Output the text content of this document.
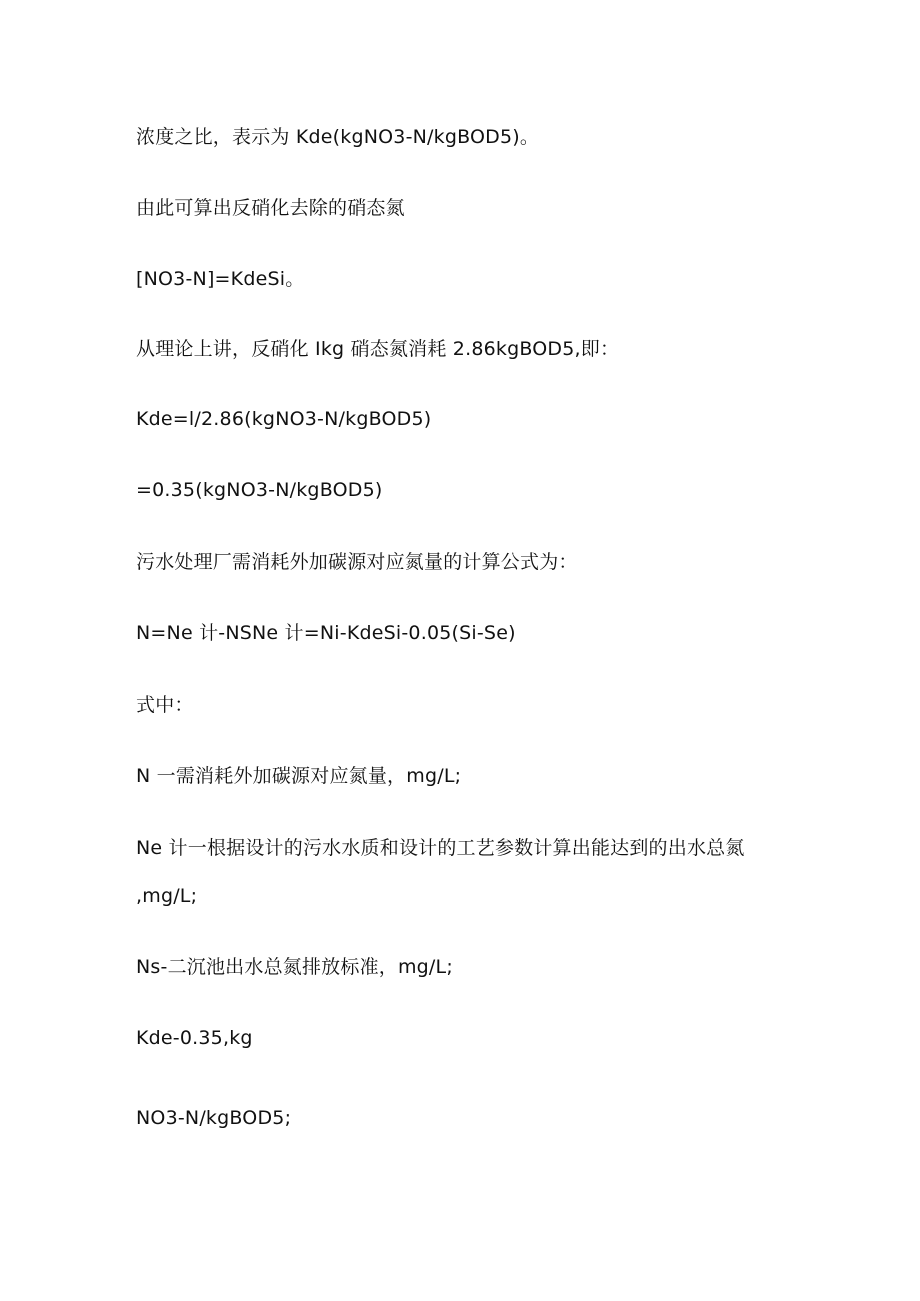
浓度之比，表示为 Kde(kgNO3-N/kgBOD5)。

由此可算出反硝化去除的硝态氮

[NO3-N]=KdeSi。

从理论上讲，反硝化 Ikg 硝态氮消耗 2.86kgBOD5,即：

Kde=l/2.86(kgNO3-N/kgBOD5)

=0.35(kgNO3-N/kgBOD5)

污水处理厂需消耗外加碳源对应氮量的计算公式为：

N=Ne 计-NSNe 计=Ni-KdeSi-0.05(Si-Se)

式中：

N 一需消耗外加碳源对应氮量，mg/L;

Ne 计一根据设计的污水水质和设计的工艺参数计算出能达到的出水总氮

,mg/L;

Ns-二沉池出水总氮排放标准，mg/L;

Kde-0.35,kg

NO3-N/kgBOD5;
